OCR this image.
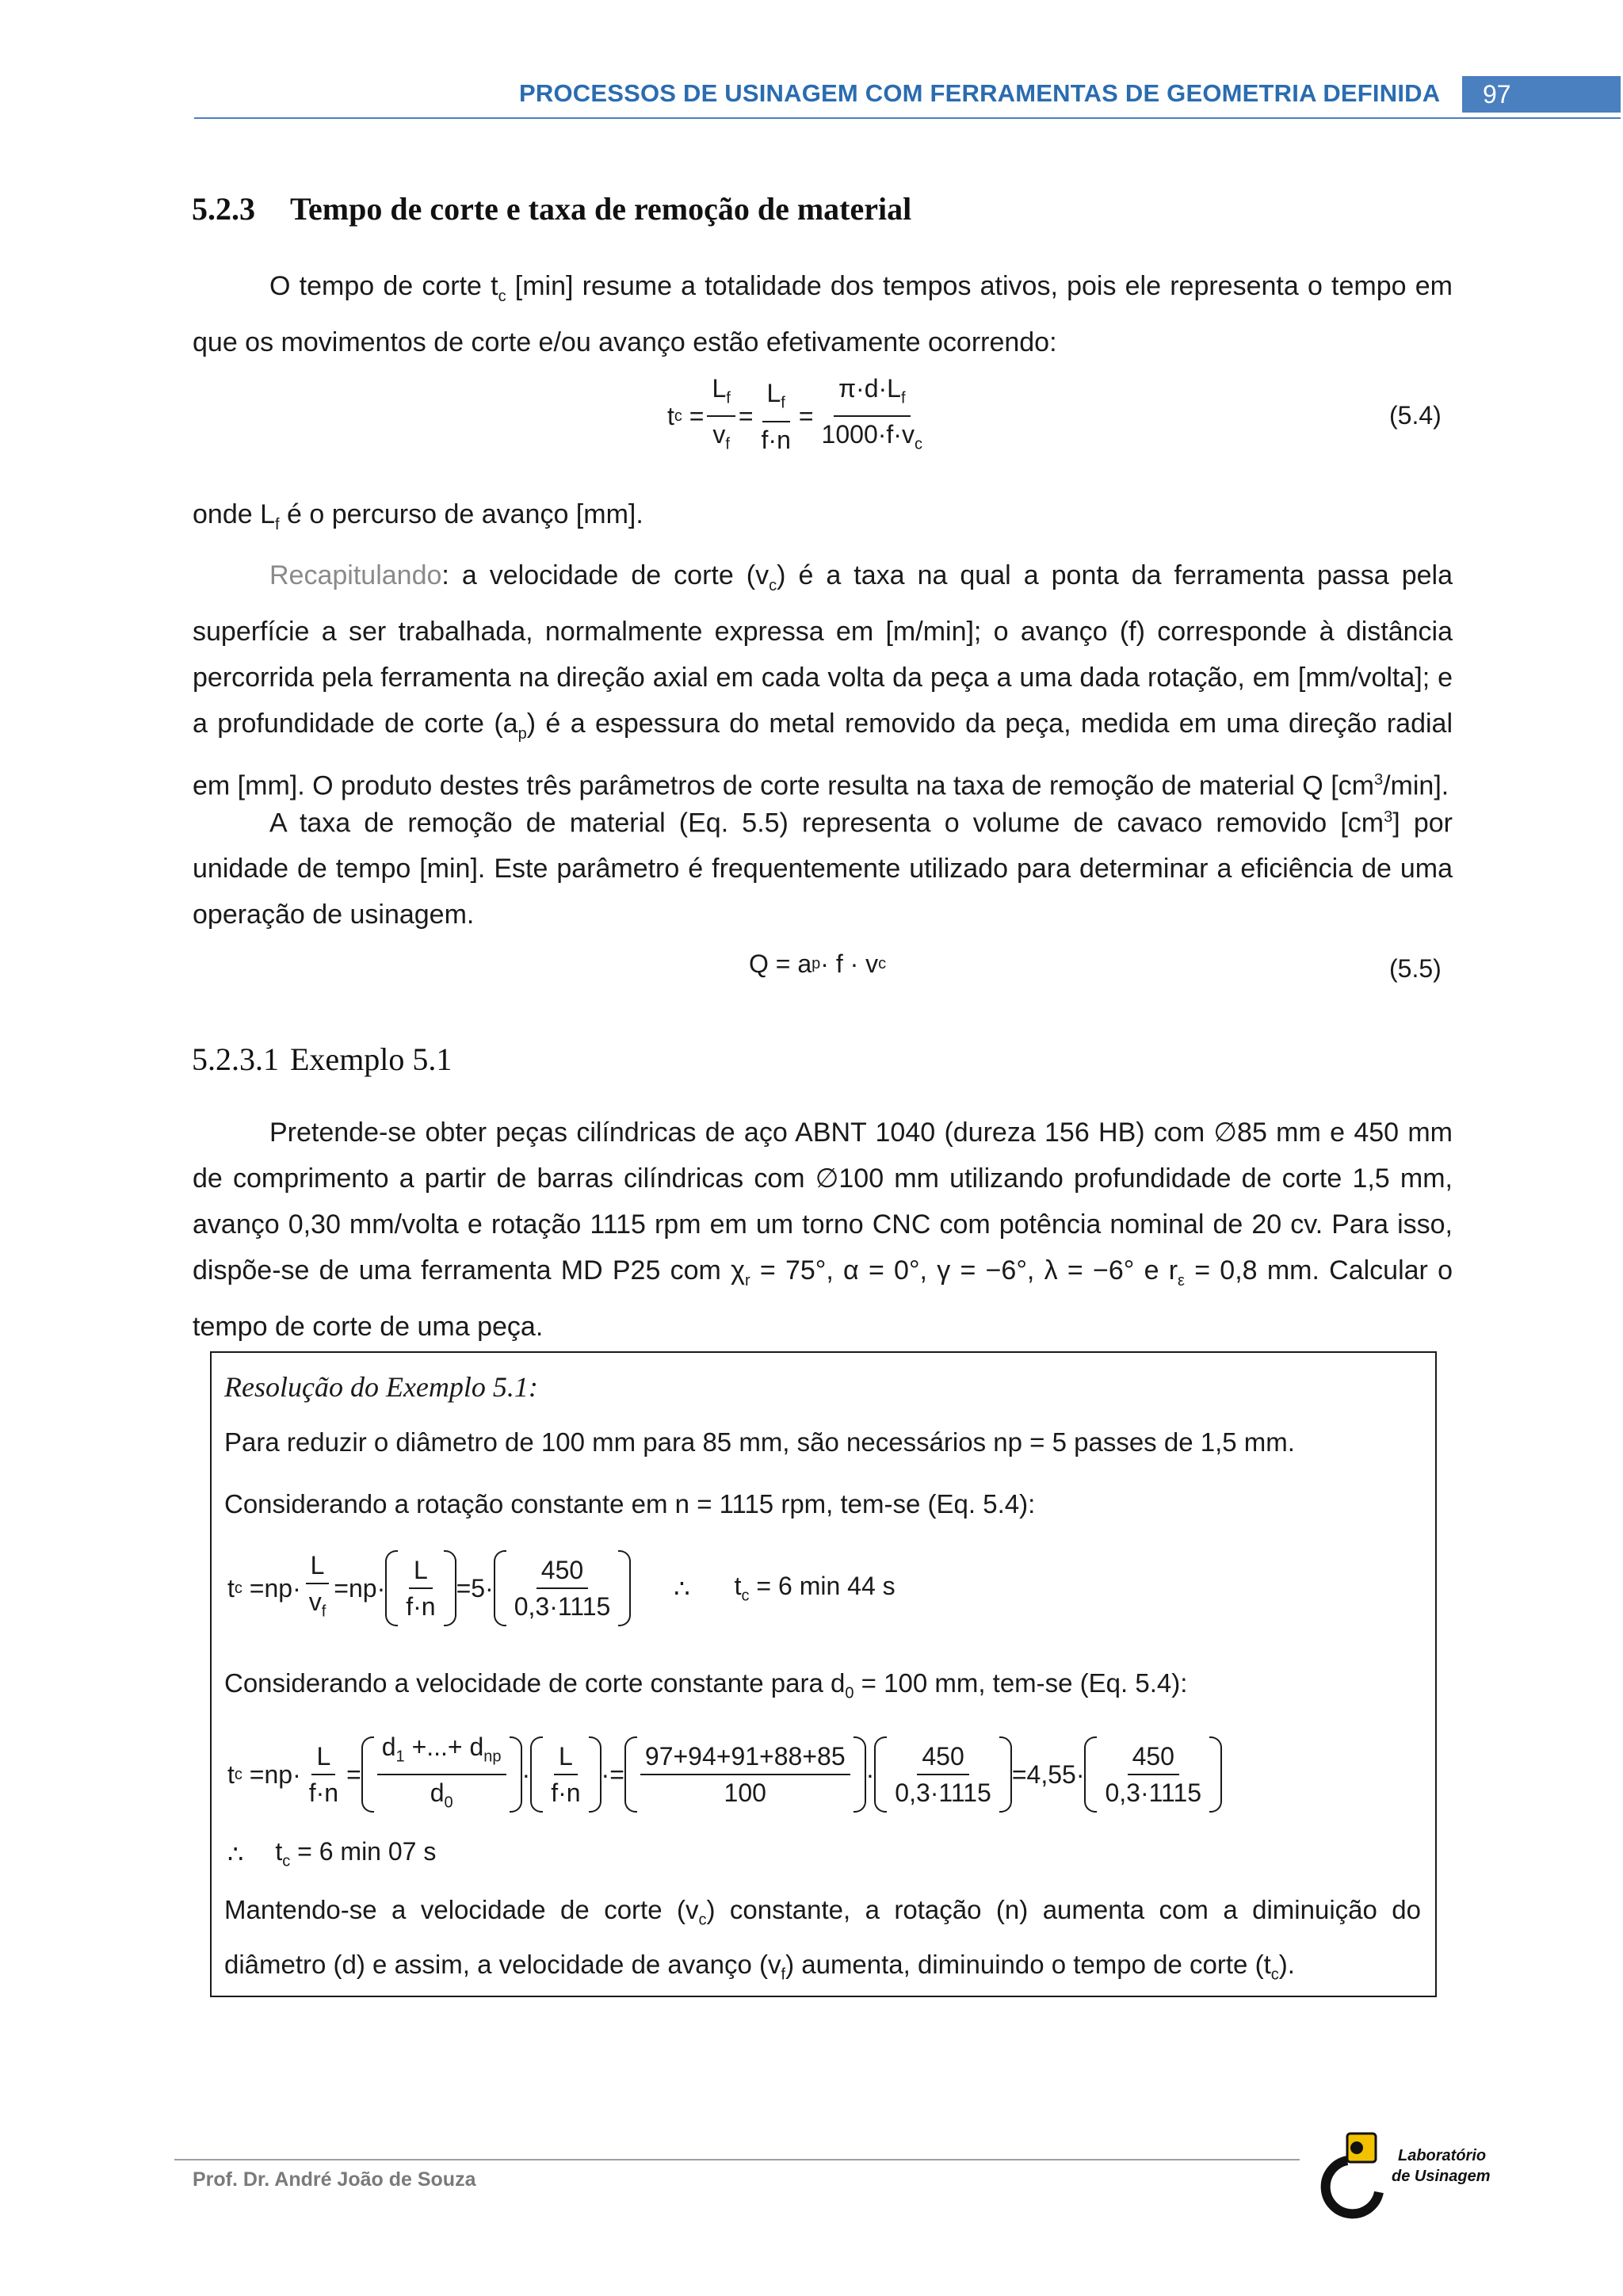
PROCESSOS DE USINAGEM COM FERRAMENTAS DE GEOMETRIA DEFINIDA	97
5.2.3 Tempo de corte e taxa de remoção de material

O tempo de corte $t_c$ [min] resume a totalidade dos tempos ativos, pois ele representa o tempo em que os movimentos de corte e/ou avanço estão efetivamente ocorrendo:

t $c = \frac{L_f}{v_f} = \frac{L_f}{f\cdot n} = \frac{\pi\cdot d\cdot L_f}{1000\cdot f\cdot v_c}$	(5.4)

onde $L_f$ é o percurso de avanço [mm].

Recapitulando: a velocidade de corte $(v_c)$ é a taxa na qual a ponta da ferramenta passa pela superfície a ser trabalhada, normalmente expressa em [m/min]; o avanço (f) corresponde à distância percorrida pela ferramenta na direção axial em cada volta da peça a uma dada rotação, em [mm/volta]; e a profundidade de corte $(a_p)$ é a espessura do metal removido da peça, medida em uma direção radial em [mm]. O produto destes três parâmetros de corte resulta na taxa de remoção de material Q $[cm^3/\min]$.

A taxa de remoção de material (Eq. 5.5) representa o volume de cavaco removido $[cm^3]$ por unidade de tempo [min]. Este parâmetro é frequentemente utilizado para determinar a eficiência de uma operação de usinagem.

Q = a p · f · v c	(5.5)
5.2.3.1 Exemplo 5.1

Pretende-se obter peças cilíndricas de aço ABNT 1040 (dureza 156 HB) com ∅85 mm e 450 mm de comprimento a partir de barras cilíndricas com ∅100 mm utilizando profundidade de corte 1,5 mm, avanço 0,30 mm/volta e rotação 1115 rpm em um torno CNC com potência nominal de 20 cv. Para isso, dispõe-se de uma ferramenta MD P25 com $\chi_r = 75^\circ$, α = 0°, γ = −6°, λ = −6° e $r_\varepsilon = 0,8$ mm. Calcular o tempo de corte de uma peça.

Resolução do Exemplo 5.1:
Para reduzir o diâmetro de 100 mm para 85 mm, são necessários np = 5 passes de 1,5 mm.
Considerando a rotação constante em n = 1115 rpm, tem-se (Eq. 5.4):
t c
$=np\cdot \frac{L}{v_f} =np\cdot \frac{L}{f\cdot n} =5\cdot \frac{450}{0,3\cdot 1115}$ ∴ $t_c = 6$ min 44 s
Considerando a velocidade de corte constante para $d_0 = 100$ mm, tem-se (Eq. 5.4):
t c
$=np\cdot \frac{L}{f\cdot n} = \frac{d_1 +...+ d_{np}}{d_0} \cdot \frac{L}{f\cdot n} \cdot= \frac{97+94+91+88+85}{100} \cdot \frac{450}{0,3\cdot 1115} =4,55\cdot \frac{450}{0,3\cdot 1115}$
∴ $t_c = 6$ min 07 s
Mantendo-se a velocidade de corte $(v_c)$ constante, a rotação (n) aumenta com a diminuição do diâmetro (d) e assim, a velocidade de avanço $(v_f)$ aumenta, diminuindo o tempo de corte $(t_c)$.
Prof. Dr. André João de Souza
Laboratório
de Usinagem
